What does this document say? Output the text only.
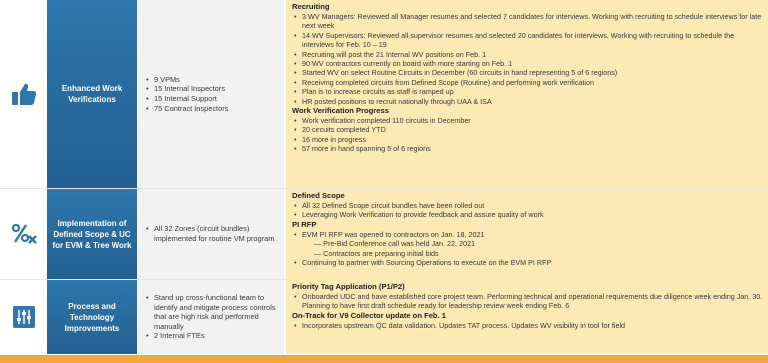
Enhanced Work Verifications
• 9 VPMs
• 15 Internal Inspectors
• 15 Internal Support
• 75 Contract Inspectors
Recruiting
• 3 WV Managers: Reviewed all Manager resumes and selected 7 candidates for interviews. Working with recruiting to schedule interviews for late next week
• 14 WV Supervisors: Reviewed all supervisor resumes and selected 20 candidates for interviews. Working with recruiting to schedule the interviews for Feb. 10 – 19
• Recruiting will post the 21 Internal WV positions on Feb. 1
• 90 WV contractors currently on board with more starting on Feb. 1
• Started WV on select Routine Circuits in December (60 circuits in hand representing 5 of 6 regions)
• Receiving completed circuits from Defined Scope (Routine) and performing work verification
• Plan is to increase circuits as staff is ramped up
• HR posted positions to recruit nationally through UAA & ISA
Work Verification Progress
• Work verification completed 110 circuits in December
• 20 circuits completed YTD
• 16 more in progress
• 57 more in hand spanning 5 of 6 regions
Implementation of Defined Scope & UC for EVM & Tree Work
• All 32 Zones (circuit bundles) implemented for routine VM program
Defined Scope
• All 32 Defined Scope circuit bundles have been rolled out
• Leveraging Work Verification to provide feedback and assure quality of work
PI RFP
• EVM PI RFP was opened to contractors on Jan. 18, 2021
— Pre-Bid Conference call was held Jan. 22, 2021
— Contractors are preparing initial bids
• Continuing to partner with Sourcing Operations to execute on the EVM PI RFP
Process and Technology Improvements
• Stand up cross-functional team to identify and mitigate process controls that are high risk and performed manually
• 2 Internal FTEs
Priority Tag Application (P1/P2)
• Onboarded UDC and have established core project team. Performing technical and operational requirements due diligence week ending Jan. 30. Planning to have first draft schedule ready for leadership review week ending Feb. 6
On-Track for V9 Collector update on Feb. 1
• Incorporates upstream QC data validation. Updates TAT process. Updates WV visibility in tool for field
